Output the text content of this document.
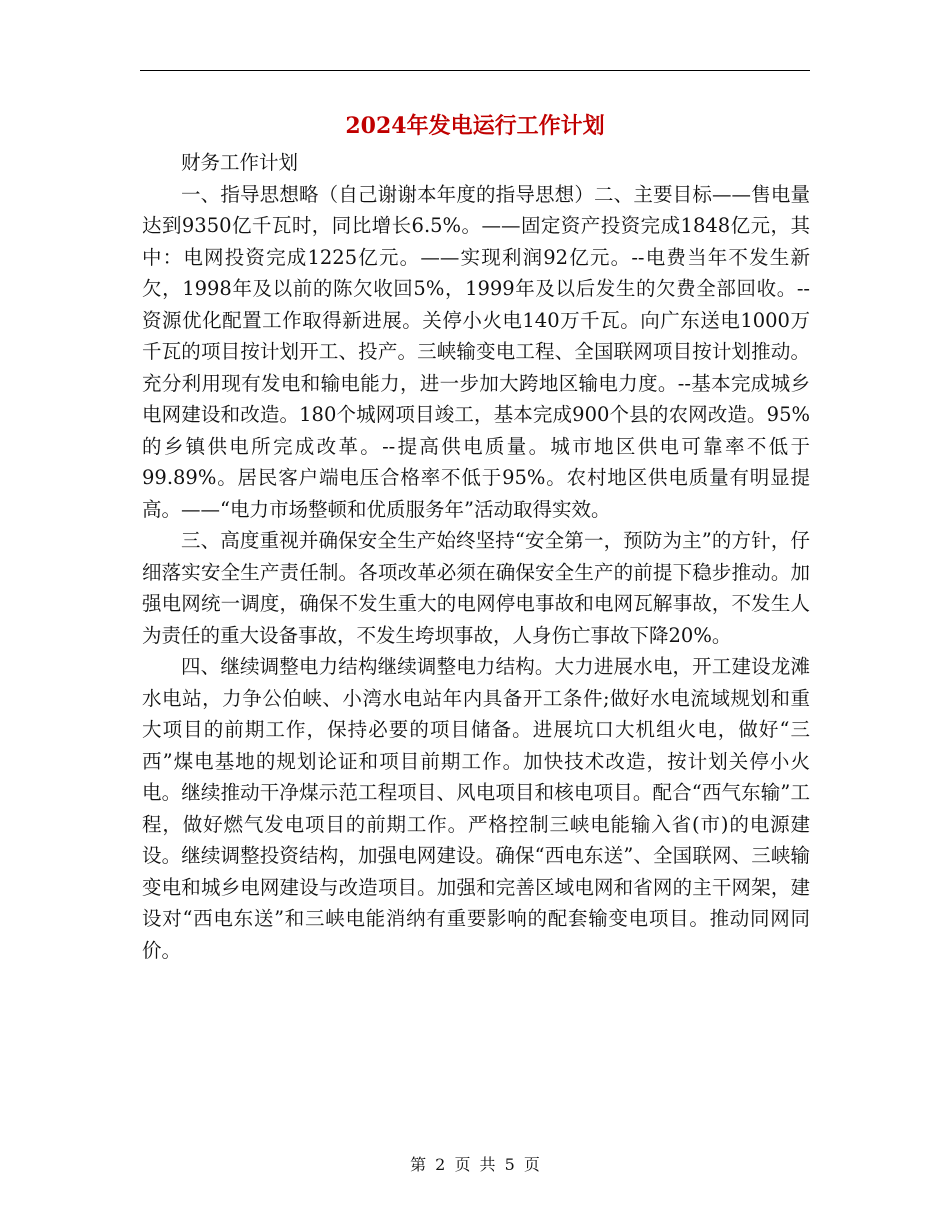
2024年发电运行工作计划

财务工作计划

一、指导思想略（自己谢谢本年度的指导思想）二、主要目标——售电量达到9350亿千瓦时，同比增长6.5%。——固定资产投资完成1848亿元，其中：电网投资完成1225亿元。——实现利润92亿元。--电费当年不发生新欠，1998年及以前的陈欠收回5%，1999年及以后发生的欠费全部回收。--资源优化配置工作取得新进展。关停小火电140万千瓦。向广东送电1000万千瓦的项目按计划开工、投产。三峡输变电工程、全国联网项目按计划推动。充分利用现有发电和输电能力，进一步加大跨地区输电力度。--基本完成城乡电网建设和改造。180个城网项目竣工，基本完成900个县的农网改造。95%的乡镇供电所完成改革。--提高供电质量。城市地区供电可靠率不低于99.89%。居民客户端电压合格率不低于95%。农村地区供电质量有明显提高。——“电力市场整顿和优质服务年”活动取得实效。

三、高度重视并确保安全生产始终坚持“安全第一，预防为主”的方针，仔细落实安全生产责任制。各项改革必须在确保安全生产的前提下稳步推动。加强电网统一调度，确保不发生重大的电网停电事故和电网瓦解事故，不发生人为责任的重大设备事故，不发生垮坝事故，人身伤亡事故下降20%。

四、继续调整电力结构继续调整电力结构。大力进展水电，开工建设龙滩水电站，力争公伯峡、小湾水电站年内具备开工条件;做好水电流域规划和重大项目的前期工作，保持必要的项目储备。进展坑口大机组火电，做好“三西”煤电基地的规划论证和项目前期工作。加快技术改造，按计划关停小火电。继续推动干净煤示范工程项目、风电项目和核电项目。配合“西气东输”工程，做好燃气发电项目的前期工作。严格控制三峡电能输入省(市)的电源建设。继续调整投资结构，加强电网建设。确保“西电东送”、全国联网、三峡输变电和城乡电网建设与改造项目。加强和完善区域电网和省网的主干网架，建设对“西电东送”和三峡电能消纳有重要影响的配套输变电项目。推动同网同价。

第 2 页 共 5 页
